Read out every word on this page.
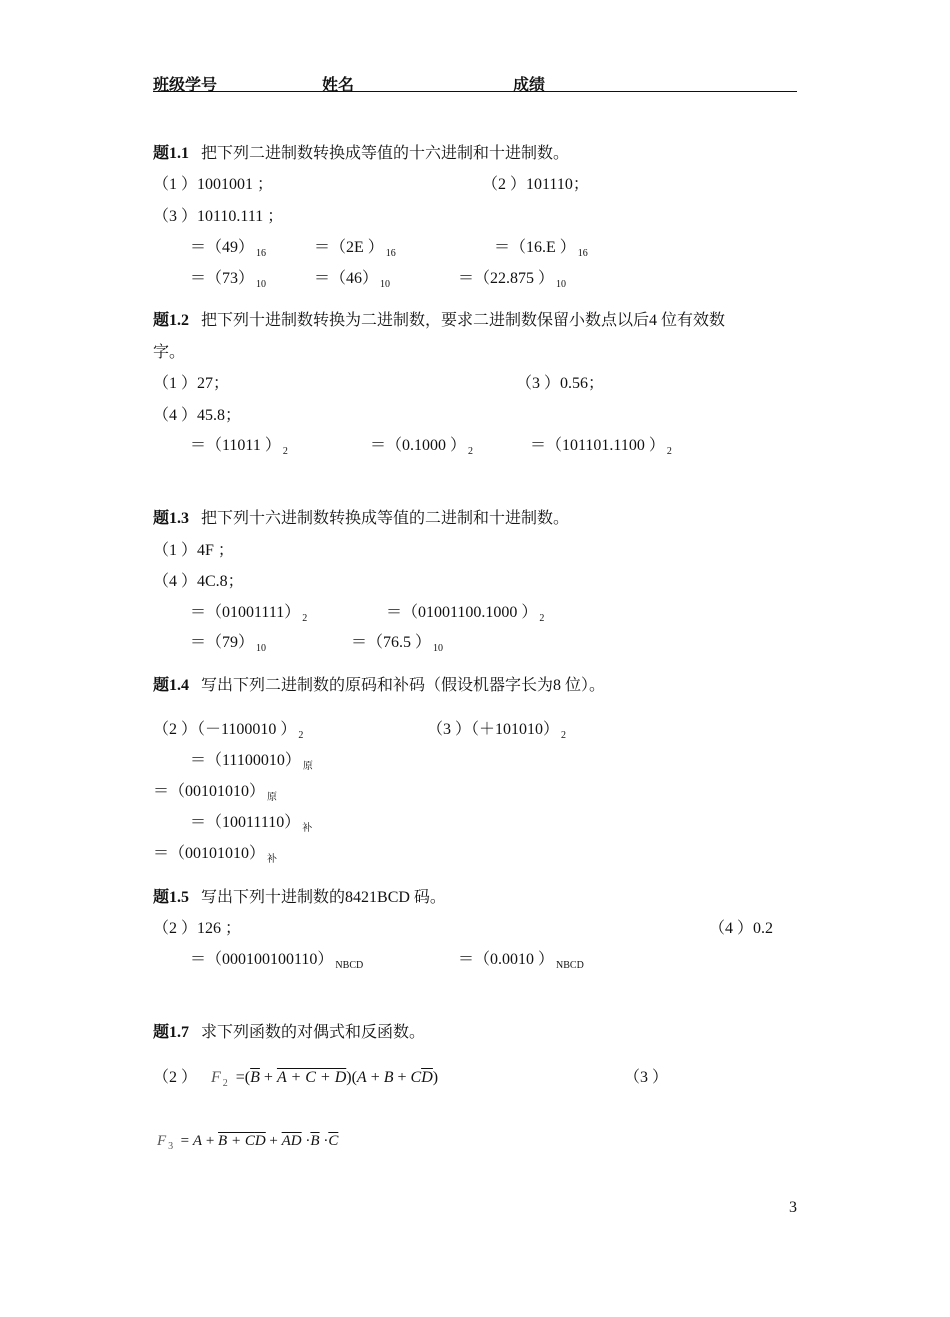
班级学号	姓名	成绩
题1.1 把下列二进制数转换成等值的十六进制和十进制数。
（1 ）1001001 ；	（2 ）101110；
（3 ）10110.111 ；
＝（49） $_{16}$	＝（2E ） $_{16}$	＝（16.E ） $_{16}$
＝（73） $_{10}$	＝（46） $_{10}$	＝（22.875 ） $_{10}$
题1.2 把下列十进制数转换为二进制数，要求二进制数保留小数点以后4 位有效数
字。
（1 ）27；	（3 ）0.56；
（4 ）45.8；
＝（11011 ） $_2$	＝（0.1000 ） $_2$	＝（101101.1100 ） $_2$
题1.3 把下列十六进制数转换成等值的二进制和十进制数。
（1 ）4F ；
（4 ）4C.8；
＝（01001111） $_2$	＝（01001100.1000 ） $_2$
＝（79） $_{10}$	＝（76.5 ） $_{10}$
题1.4 写出下列二进制数的原码和补码（假设机器字长为8 位）。
（2 ）（－1100010 ） $_2$	（3 ）（＋101010） $_2$
＝（11100010） $_原$
＝（00101010） $_原$
＝（10011110） $_补$
＝（00101010） $_补$
题1.5 写出下列十进制数的8421BCD 码。
（2 ）126 ；	（4 ）0.2
＝（000100100110） $_{NBCD}$	＝（0.0010 ） $_{NBCD}$
题1.7 求下列函数的对偶式和反函数。
（2 ） F $_2 =(\overline{B} + A + C + D)(A + B + CD)$	（3 ）
F $_3$  = A + B + CD + $\overline{AD} \cdot\overline{B} \cdot\overline{C}$
3
